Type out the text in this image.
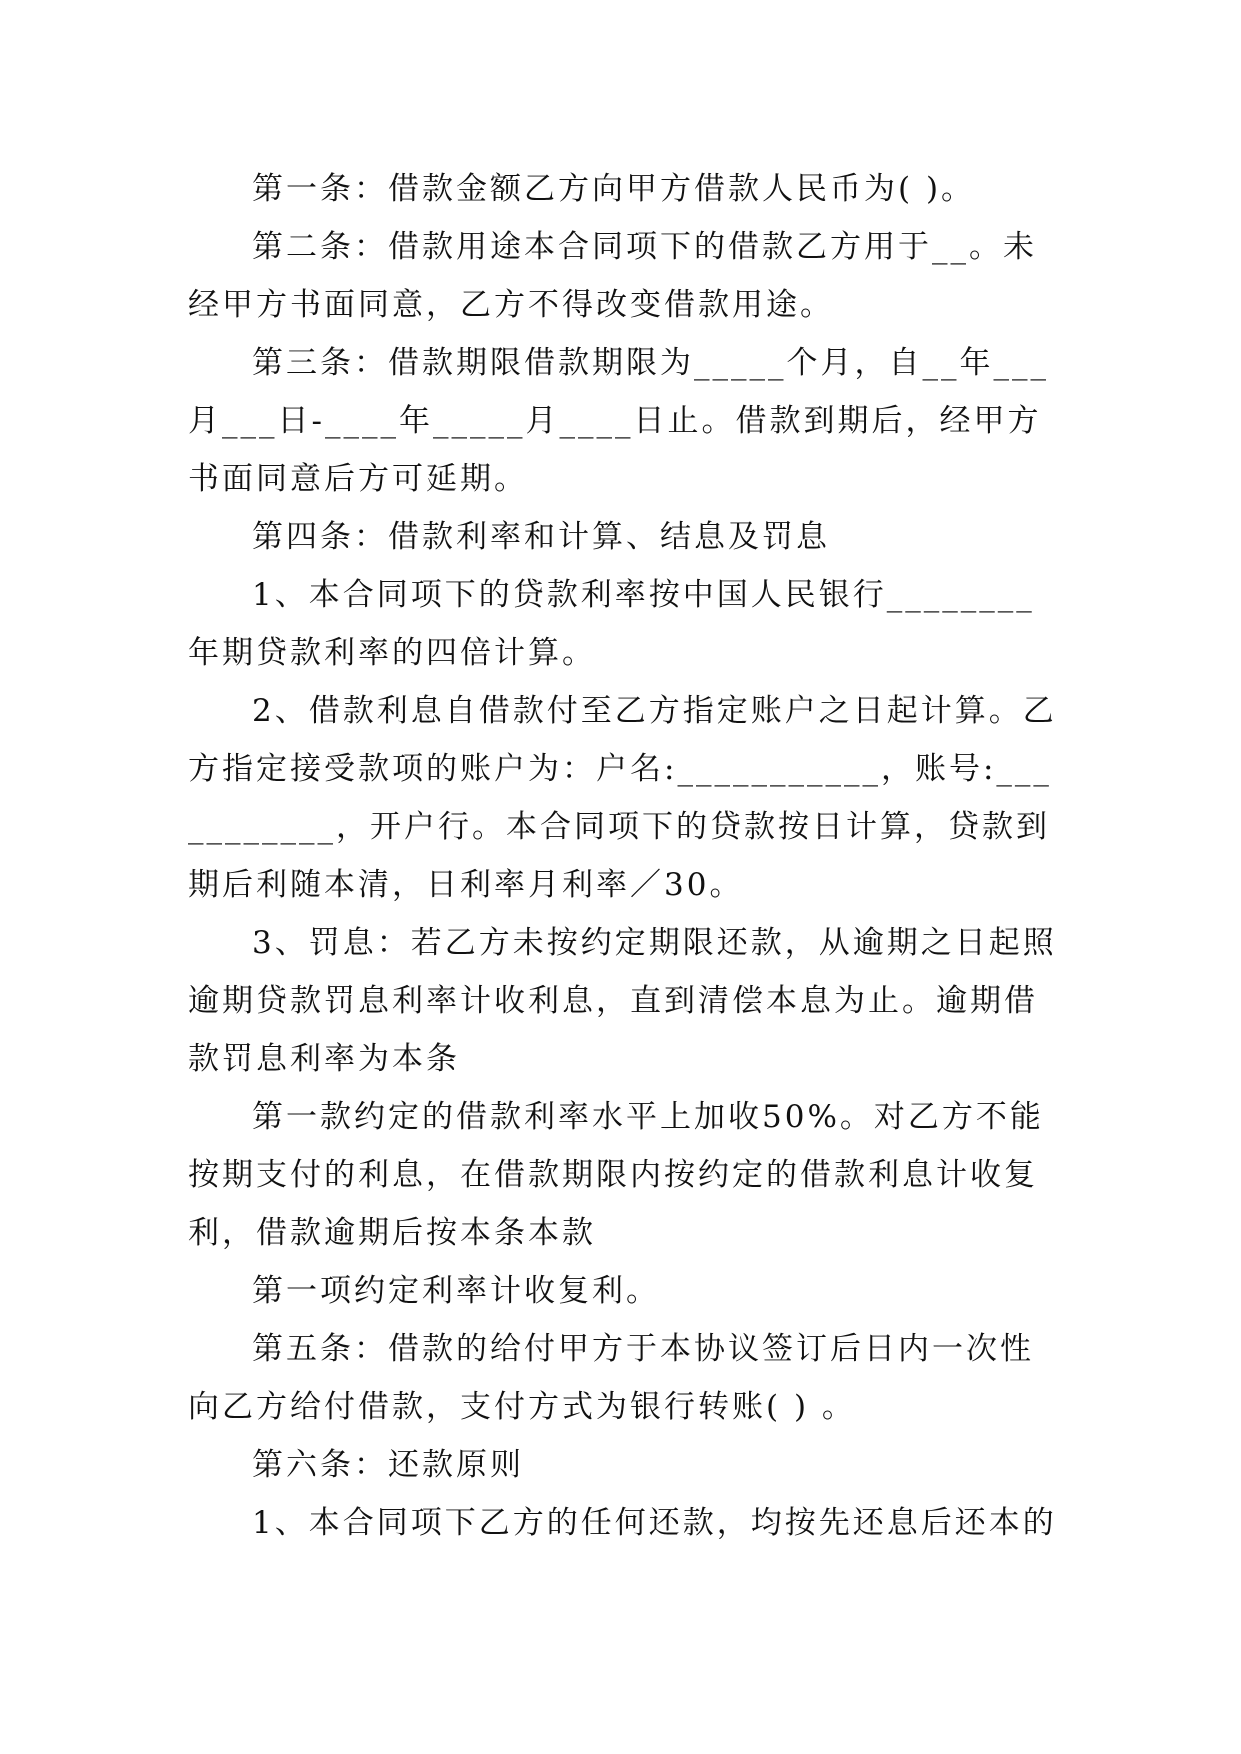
第一条：借款金额乙方向甲方借款人民币为( )。

第二条：借款用途本合同项下的借款乙方用于__。未经甲方书面同意，乙方不得改变借款用途。

第三条：借款期限借款期限为_____个月，自__年___月___日-____年_____月____日止。借款到期后，经甲方书面同意后方可延期。

第四条：借款利率和计算、结息及罚息

1、本合同项下的贷款利率按中国人民银行________年期贷款利率的四倍计算。

2、借款利息自借款付至乙方指定账户之日起计算。乙方指定接受款项的账户为：户名:___________，账号:___________，开户行。本合同项下的贷款按日计算，贷款到期后利随本清，日利率月利率／30。

3、罚息：若乙方未按约定期限还款，从逾期之日起照逾期贷款罚息利率计收利息，直到清偿本息为止。逾期借款罚息利率为本条

第一款约定的借款利率水平上加收50%。对乙方不能按期支付的利息，在借款期限内按约定的借款利息计收复利，借款逾期后按本条本款

第一项约定利率计收复利。

第五条：借款的给付甲方于本协议签订后日内一次性向乙方给付借款，支付方式为银行转账( ) 。

第六条：还款原则

1、本合同项下乙方的任何还款，均按先还息后还本的
